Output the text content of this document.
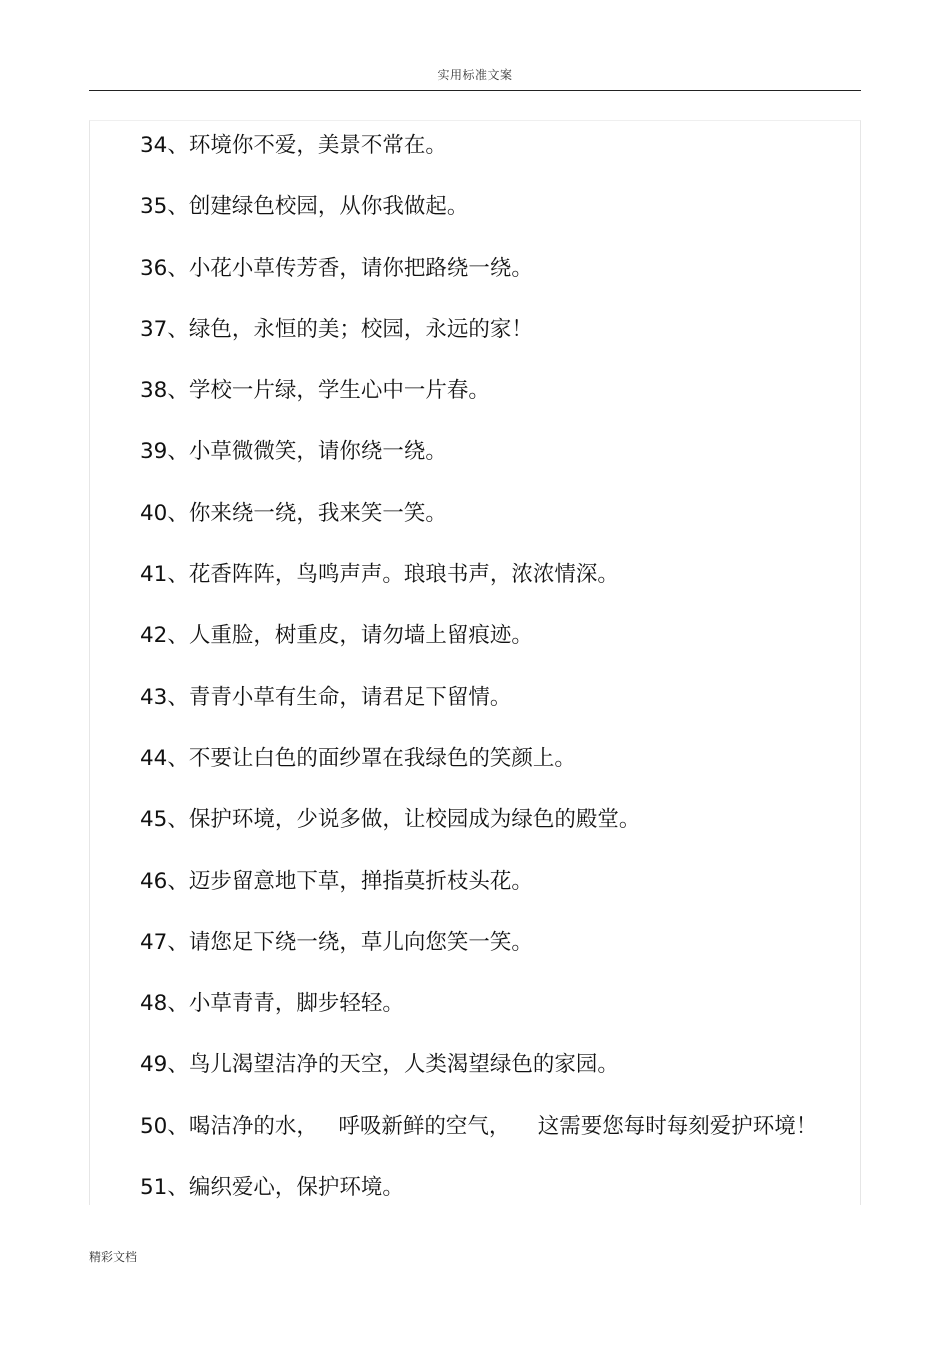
实用标准文案
34、环境你不爱，美景不常在。
35、创建绿色校园，从你我做起。
36、小花小草传芳香，请你把路绕一绕。
37、绿色，永恒的美；校园，永远的家！
38、学校一片绿，学生心中一片春。
39、小草微微笑，请你绕一绕。
40、你来绕一绕，我来笑一笑。
41、花香阵阵，鸟鸣声声。琅琅书声，浓浓情深。
42、人重脸，树重皮，请勿墙上留痕迹。
43、青青小草有生命，请君足下留情。
44、不要让白色的面纱罩在我绿色的笑颜上。
45、保护环境，少说多做，让校园成为绿色的殿堂。
46、迈步留意地下草，掸指莫折枝头花。
47、请您足下绕一绕，草儿向您笑一笑。
48、小草青青，脚步轻轻。
49、鸟儿渴望洁净的天空，人类渴望绿色的家园。
50、喝洁净的水，   呼吸新鲜的空气，    这需要您每时每刻爱护环境！
51、编织爱心，保护环境。
精彩文档
